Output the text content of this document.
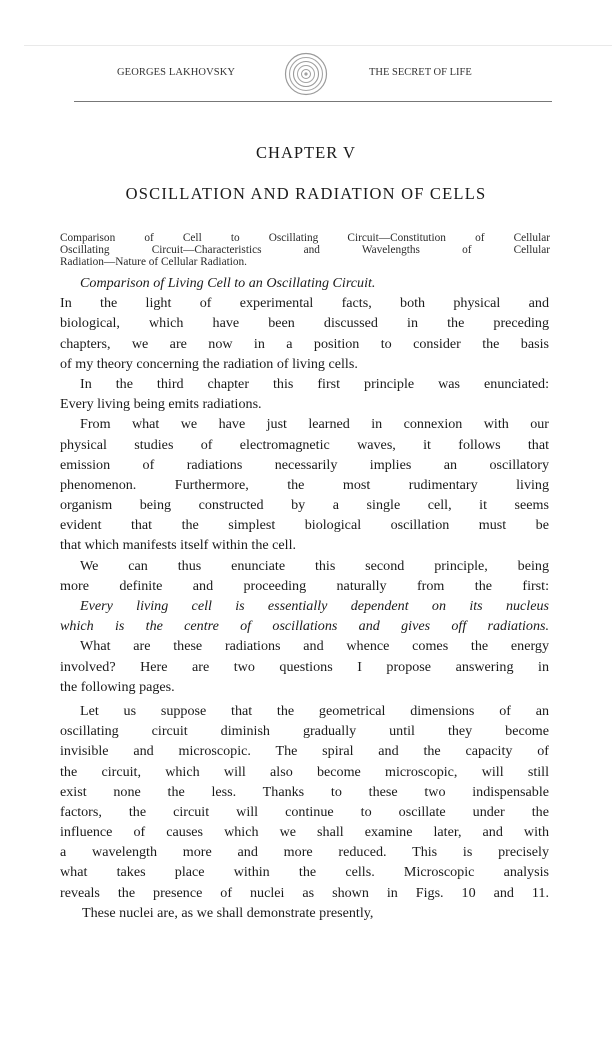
GEORGES LAKHOVSKY	THE SECRET OF LIFE
CHAPTER V
OSCILLATION AND RADIATION OF CELLS
Comparison of Cell to Oscillating Circuit—Constitution of Cellular
Oscillating Circuit—Characteristics and Wavelengths of Cellular
Radiation—Nature of Cellular Radiation.
Comparison of Living Cell to an Oscillating Circuit.
In the light of experimental facts, both physical and
biological, which have been discussed in the preceding
chapters, we are now in a position to consider the basis
of my theory concerning the radiation of living cells.
In the third chapter this first principle was enunciated:
Every living being emits radiations.
From what we have just learned in connexion with our
physical studies of electromagnetic waves, it follows that
emission of radiations necessarily implies an oscillatory
phenomenon. Furthermore, the most rudimentary living
organism being constructed by a single cell, it seems
evident that the simplest biological oscillation must be
that which manifests itself within the cell.
We can thus enunciate this second principle, being
more definite and proceeding naturally from the first:
Every living cell is essentially dependent on its nucleus
which is the centre of oscillations and gives off radiations.
What are these radiations and whence comes the energy
involved? Here are two questions I propose answering in
the following pages.
Let us suppose that the geometrical dimensions of an
oscillating circuit diminish gradually until they become
invisible and microscopic. The spiral and the capacity of
the circuit, which will also become microscopic, will still
exist none the less. Thanks to these two indispensable
factors, the circuit will continue to oscillate under the
influence of causes which we shall examine later, and with
a wavelength more and more reduced. This is precisely
what takes place within the cells. Microscopic analysis
reveals the presence of nuclei as shown in Figs. 10 and 11.
These nuclei are, as we shall demonstrate presently,
